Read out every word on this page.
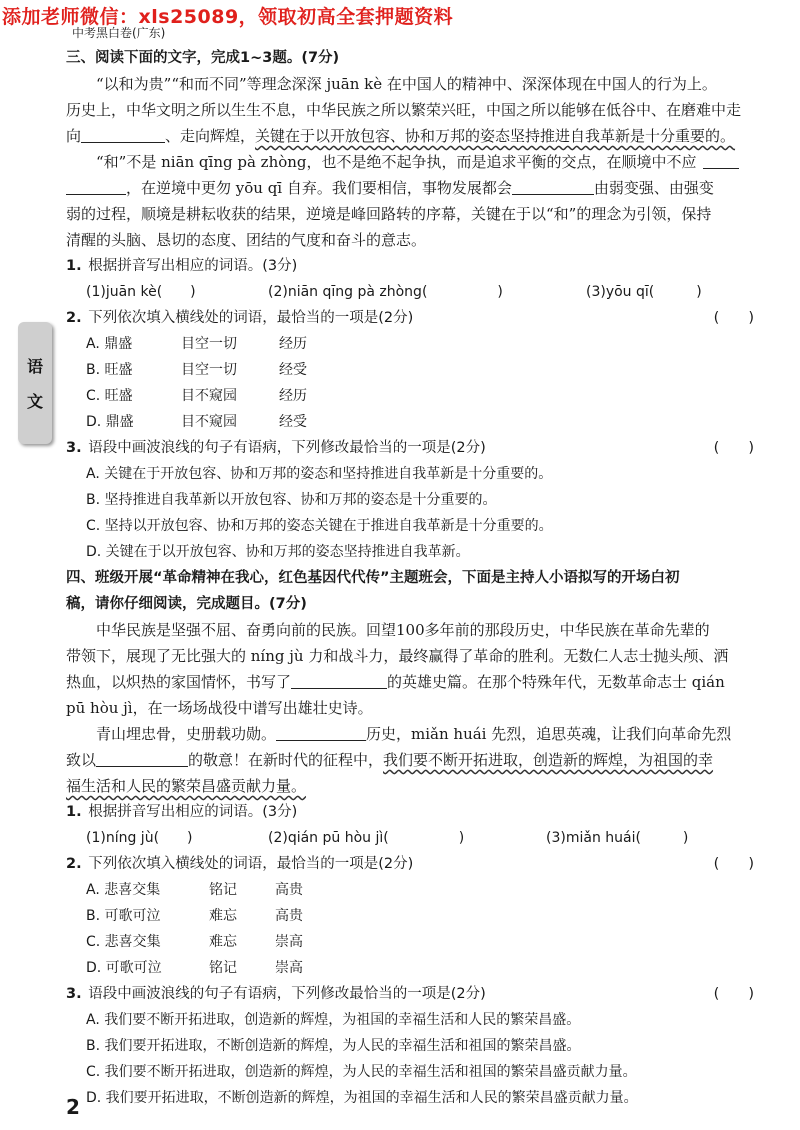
添加老师微信：xls25089，领取初高全套押题资料
中考黑白卷(广东)
语
文
三、阅读下面的文字，完成1~3题。(7分)
“以和为贵”“和而不同”等理念深深 juān kè 在中国人的精神中、深深体现在中国人的行为上。
历史上，中华文明之所以生生不息，中华民族之所以繁荣兴旺，中国之所以能够在低谷中、在磨难中走
向	、走向辉煌，关键在于以开放包容、协和万邦的姿态坚持推进自我革新是十分重要的。
“和”不是 niān qīng pà zhòng，也不是绝不起争执，而是追求平衡的交点，在顺境中不应
，在逆境中更勿 yōu qī 自弃。我们要相信，事物发展都会	由弱变强、由强变
弱的过程，顺境是耕耘收获的结果，逆境是峰回路转的序幕，关键在于以“和”的理念为引领，保持
清醒的头脑、恳切的态度、团结的气度和奋斗的意志。
1. 根据拼音写出相应的词语。(3分)
(1)juān kè(　　)	(2)niān qīng pà zhòng(　　　　　)	(3)yōu qī(　　　)
2. 下列依次填入横线处的词语，最恰当的一项是(2分)	(　　)
A. 鼎盛	目空一切	经历
B. 旺盛	目空一切	经受
C. 旺盛	目不窥园	经历
D. 鼎盛	目不窥园	经受
3. 语段中画波浪线的句子有语病，下列修改最恰当的一项是(2分)	(　　)
A. 关键在于开放包容、协和万邦的姿态和坚持推进自我革新是十分重要的。
B. 坚持推进自我革新以开放包容、协和万邦的姿态是十分重要的。
C. 坚持以开放包容、协和万邦的姿态关键在于推进自我革新是十分重要的。
D. 关键在于以开放包容、协和万邦的姿态坚持推进自我革新。
四、班级开展“革命精神在我心，红色基因代代传”主题班会，下面是主持人小语拟写的开场白初
稿，请你仔细阅读，完成题目。(7分)
中华民族是坚强不屈、奋勇向前的民族。回望100多年前的那段历史，中华民族在革命先辈的
带领下，展现了无比强大的 níng jù 力和战斗力，最终赢得了革命的胜利。无数仁人志士抛头颅、洒
热血，以炽热的家国情怀，书写了	的英雄史篇。在那个特殊年代，无数革命志士 qián
pū hòu jì，在一场场战役中谱写出雄壮史诗。
青山埋忠骨，史册载功勋。	历史，miǎn huái 先烈，追思英魂，让我们向革命先烈
致以	的敬意！在新时代的征程中，我们要不断开拓进取，创造新的辉煌，为祖国的幸
福生活和人民的繁荣昌盛贡献力量。
1. 根据拼音写出相应的词语。(3分)
(1)níng jù(　　)	(2)qián pū hòu jì(　　　　　)	(3)miǎn huái(　　　)
2. 下列依次填入横线处的词语，最恰当的一项是(2分)	(　　)
A. 悲喜交集	铭记	高贵
B. 可歌可泣	难忘	高贵
C. 悲喜交集	难忘	崇高
D. 可歌可泣	铭记	崇高
3. 语段中画波浪线的句子有语病，下列修改最恰当的一项是(2分)	(　　)
A. 我们要不断开拓进取，创造新的辉煌，为祖国的幸福生活和人民的繁荣昌盛。
B. 我们要开拓进取，不断创造新的辉煌，为人民的幸福生活和祖国的繁荣昌盛。
C. 我们要不断开拓进取，创造新的辉煌，为人民的幸福生活和祖国的繁荣昌盛贡献力量。
D. 我们要开拓进取，不断创造新的辉煌，为祖国的幸福生活和人民的繁荣昌盛贡献力量。
2
